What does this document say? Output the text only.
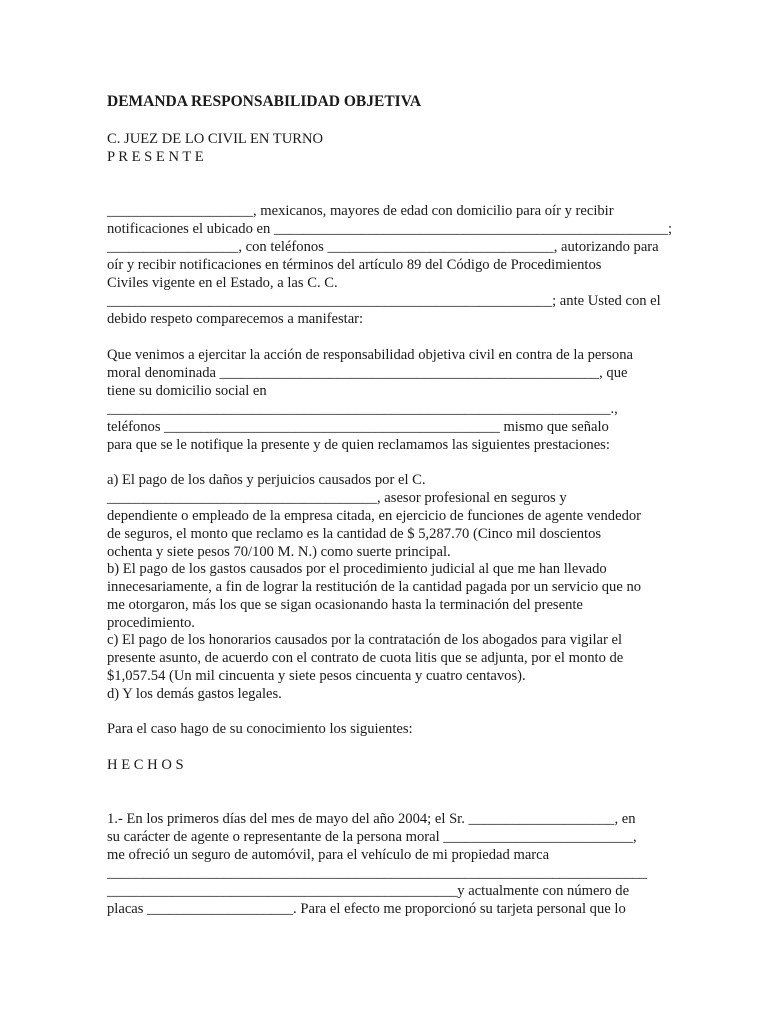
DEMANDA RESPONSABILIDAD OBJETIVA

C. JUEZ DE LO CIVIL EN TURNO

P R E S E N T E

____________________, mexicanos, mayores de edad con domicilio para oír y recibir

notificaciones el ubicado en ______________________________________________________;

__________________, con teléfonos _______________________________, autorizando para

oír y recibir notificaciones en términos del artículo 89 del Código de Procedimientos

Civiles vigente en el Estado, a las C. C.

_____________________________________________________________; ante Usted con el

debido respeto comparecemos a manifestar:

Que venimos a ejercitar la acción de responsabilidad objetiva civil en contra de la persona

moral denominada ____________________________________________________, que

tiene su domicilio social en

_____________________________________________________________________.,

teléfonos ______________________________________________ mismo que señalo

para que se le notifique la presente y de quien reclamamos las siguientes prestaciones:

a) El pago de los daños y perjuicios causados por el C.

_____________________________________, asesor profesional en seguros y

dependiente o empleado de la empresa citada, en ejercicio de funciones de agente vendedor

de seguros, el monto que reclamo es la cantidad de $ 5,287.70 (Cinco mil doscientos

ochenta y siete pesos 70/100 M. N.) como suerte principal.

b) El pago de los gastos causados por el procedimiento judicial al que me han llevado

innecesariamente, a fin de lograr la restitución de la cantidad pagada por un servicio que no

me otorgaron, más los que se sigan ocasionando hasta la terminación del presente

procedimiento.

c) El pago de los honorarios causados por la contratación de los abogados para vigilar el

presente asunto, de acuerdo con el contrato de cuota litis que se adjunta, por el monto de

$1,057.54 (Un mil cincuenta y siete pesos cincuenta y cuatro centavos).

d) Y los demás gastos legales.

Para el caso hago de su conocimiento los siguientes:

H E C H O S

1.- En los primeros días del mes de mayo del año 2004; el Sr. ____________________, en

su carácter de agente o representante de la persona moral __________________________,

me ofreció un seguro de automóvil, para el vehículo de mi propiedad marca

__________________________________________________________________________

________________________________________________y actualmente con número de

placas ____________________. Para el efecto me proporcionó su tarjeta personal que lo
